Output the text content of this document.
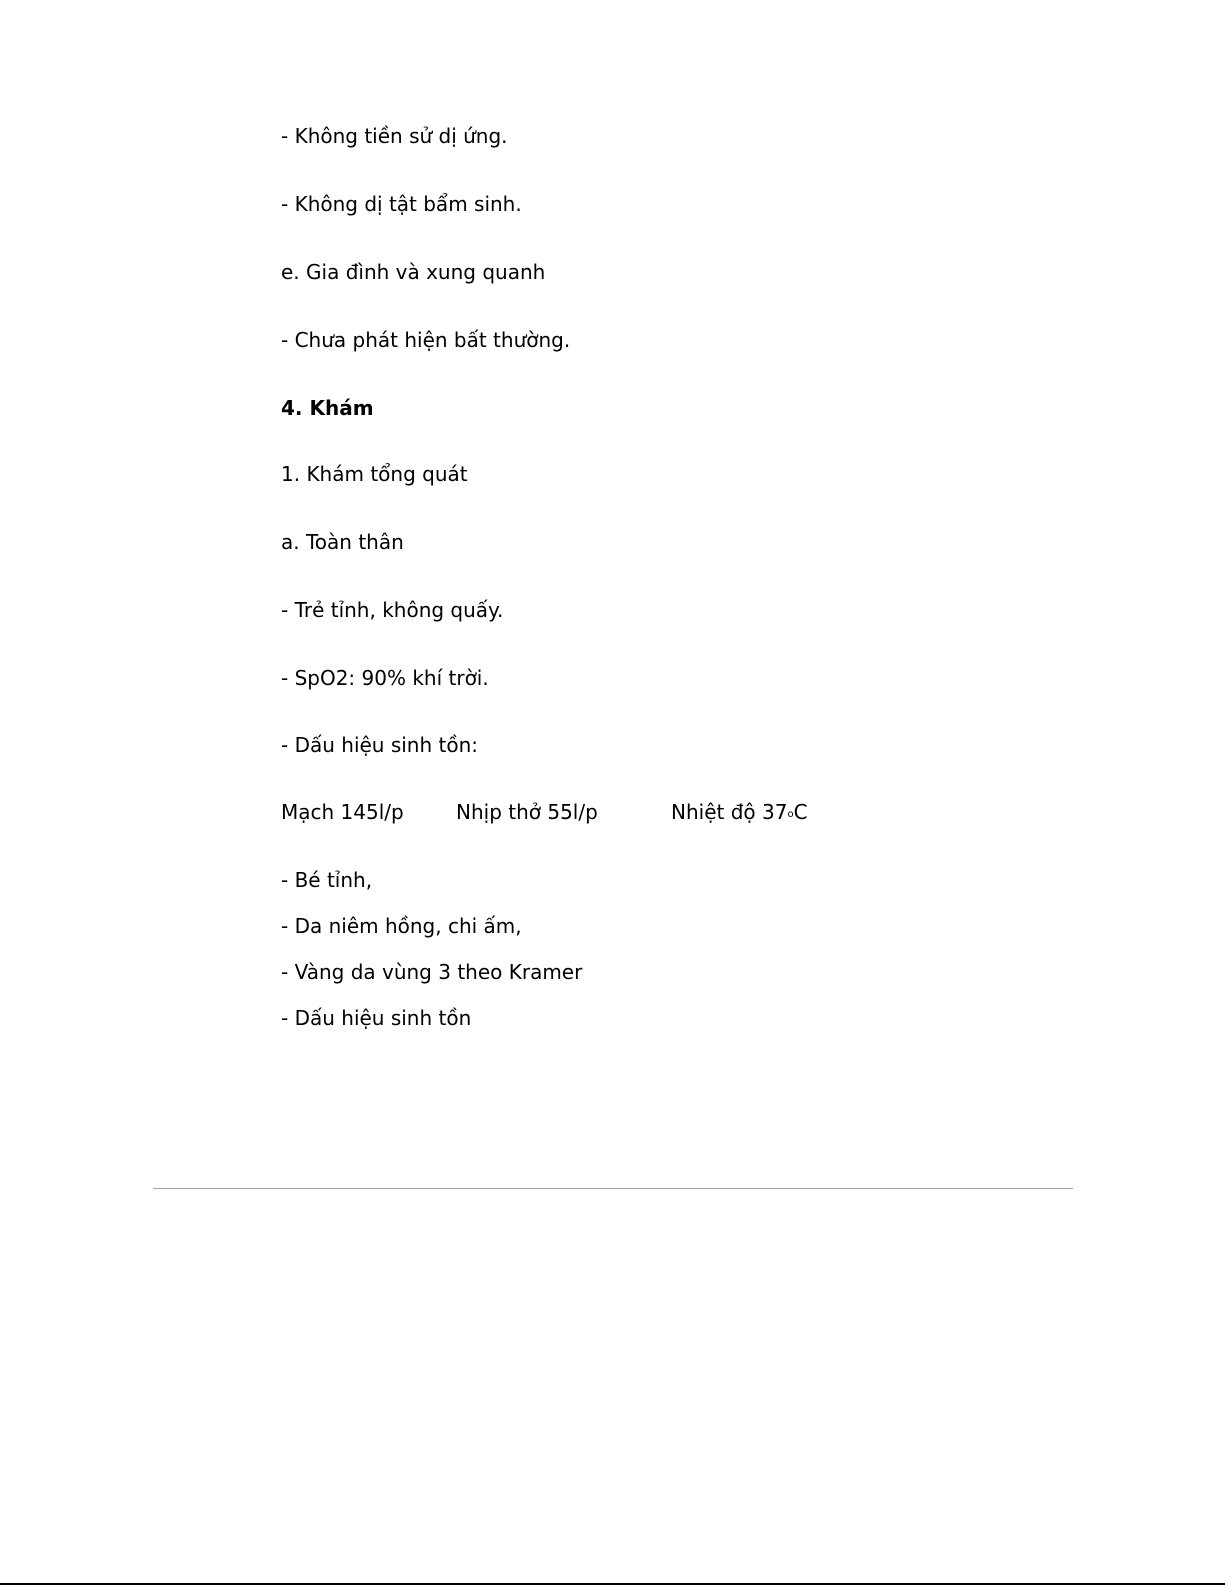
- Không tiền sử dị ứng.

- Không dị tật bẩm sinh.

e. Gia đình và xung quanh

- Chưa phát hiện bất thường.

4. Khám

1. Khám tổng quát

a. Toàn thân

- Trẻ tỉnh, không quấy.

- SpO2: 90% khí trời.

- Dấu hiệu sinh tồn:

Mạch 145l/p	Nhịp thở 55l/p	Nhiệt độ 37oC

- Bé tỉnh,

- Da niêm hồng, chi ấm,

- Vàng da vùng 3 theo Kramer

- Dấu hiệu sinh tồn
